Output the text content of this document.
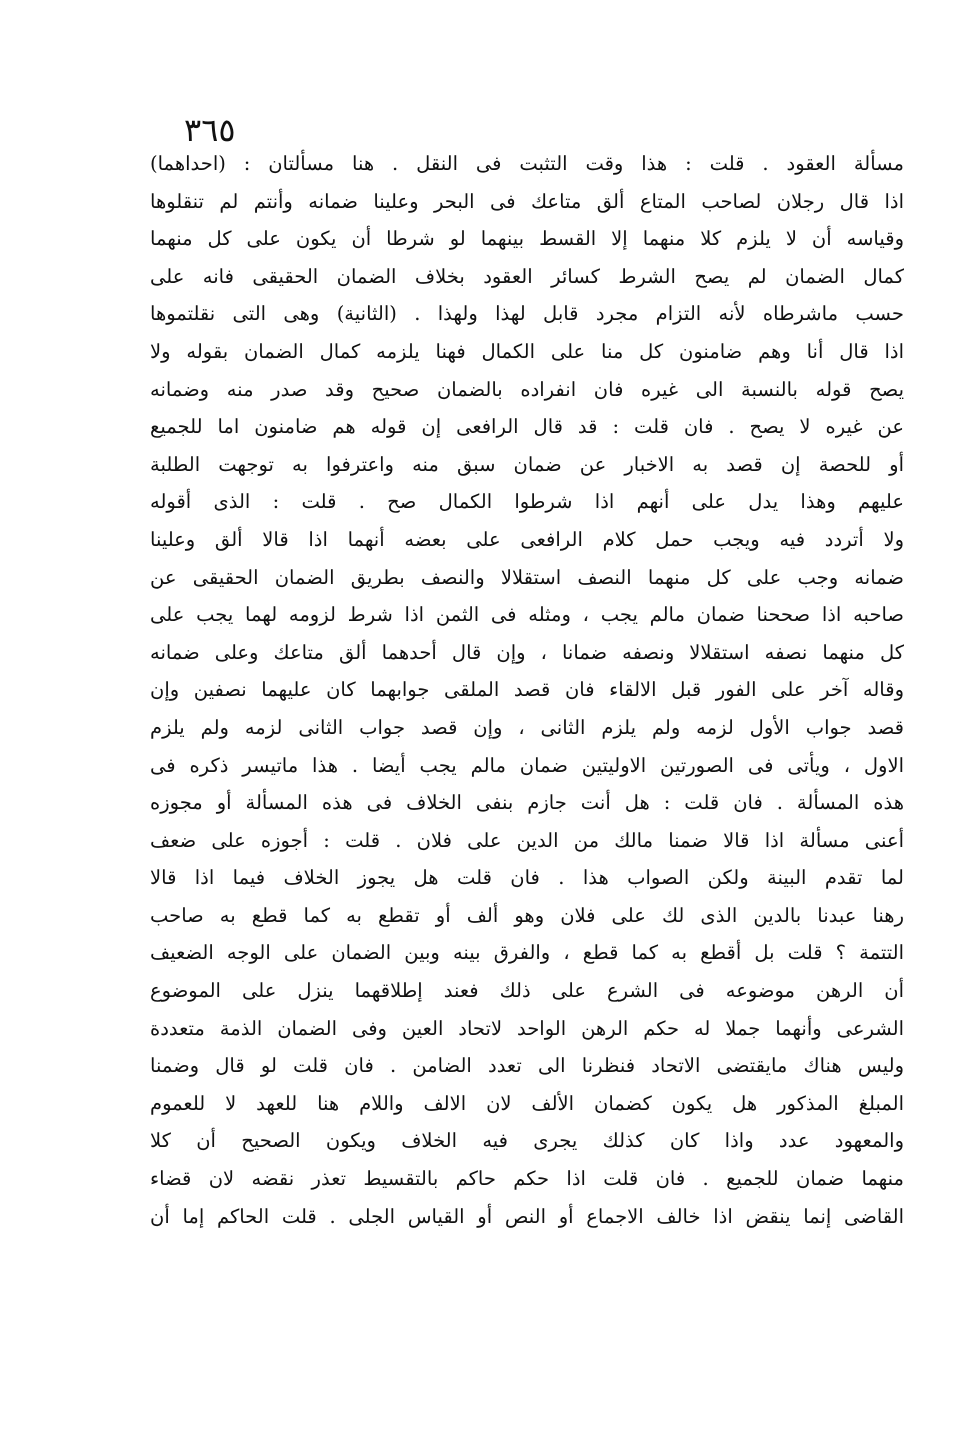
٣٦٥
مسألة العقود . قلت : هذا وقت التثبت فى النقل . هنا مسألتان : (احداهما)
اذا قال رجلان لصاحب المتاع ألق متاعك فى البحر وعلينا ضمانه وأنتم لم تنقلوها
وقياسه أن لا يلزم كلا منهما إلا القسط بينهما لو شرطا أن يكون على كل منهما
كمال الضمان لم يصح الشرط كسائر العقود بخلاف الضمان الحقيقى فانه على
حسب ماشرطاه لأنه التزام مجرد قابل لهذا ولهذا . (الثانية) وهى التى نقلتموها
اذا قال أنا وهم ضامنون كل منا على الكمال فهنا يلزمه كمال الضمان بقوله ولا
يصح قوله بالنسبة الى غيره فان انفراده بالضمان صحيح وقد صدر منه وضمانه
عن غيره لا يصح . فان قلت : قد قال الرافعى إن قوله هم ضامنون اما للجميع
أو للحصة إن قصد به الاخبار عن ضمان سبق منه واعترفوا به توجهت الطلبة
عليهم وهذا يدل على أنهم اذا شرطوا الكمال صح . قلت : الذى أقوله
ولا أتردد فيه ويجب حمل كلام الرافعى على بعضه أنهما اذا قالا ألق وعلينا
ضمانه وجب على كل منهما النصف استقلالا والنصف بطريق الضمان الحقيقى عن
صاحبه اذا صححنا ضمان مالم يجب ، ومثله فى الثمن اذا شرط لزومه لهما يجب على
كل منهما نصفه استقلالا ونصفه ضمانا ، وإن قال أحدهما ألق متاعك وعلى ضمانه
وقاله آخر على الفور قبل الالقاء فان قصد الملقى جوابهما كان عليهما نصفين وإن
قصد جواب الأول لزمه ولم يلزم الثانى ، وإن قصد جواب الثانى لزمه ولم يلزم
الاول ، ويأتى فى الصورتين الاوليتين ضمان مالم يجب أيضا . هذا ماتيسر ذكره فى
هذه المسألة . فان قلت : هل أنت جازم بنفى الخلاف فى هذه المسألة أو مجوزه
أعنى مسألة اذا قالا ضمنا مالك من الدين على فلان . قلت : أجوزه على ضعف
لما تقدم البينة ولكن الصواب هذا . فان قلت هل يجوز الخلاف فيما اذا قالا
رهنا عبدنا بالدين الذى لك على فلان وهو ألف أو تقطع به كما قطع به صاحب
التتمة ؟ قلت بل أقطع به كما قطع ، والفرق بينه وبين الضمان على الوجه الضعيف
أن الرهن موضوعه فى الشرع على ذلك فعند إطلاقهما ينزل على الموضوع
الشرعى وأنهما جملا له حكم الرهن الواحد لاتحاد العين وفى الضمان الذمة متعددة
وليس هناك مايقتضى الاتحاد فنظرنا الى تعدد الضامن . فان قلت لو قال وضمنا
المبلغ المذكور هل يكون كضمان الألف لان الالف واللام هنا للعهد لا للعموم
والمعهود عدد واذا كان كذلك يجرى فيه الخلاف ويكون الصحيح أن كلا
منهما ضمان للجميع . فان قلت اذا حكم حاكم بالتقسيط تعذر نقضه لان قضاء
القاضى إنما ينقض اذا خالف الاجماع أو النص أو القياس الجلى . قلت الحاكم إما أن
